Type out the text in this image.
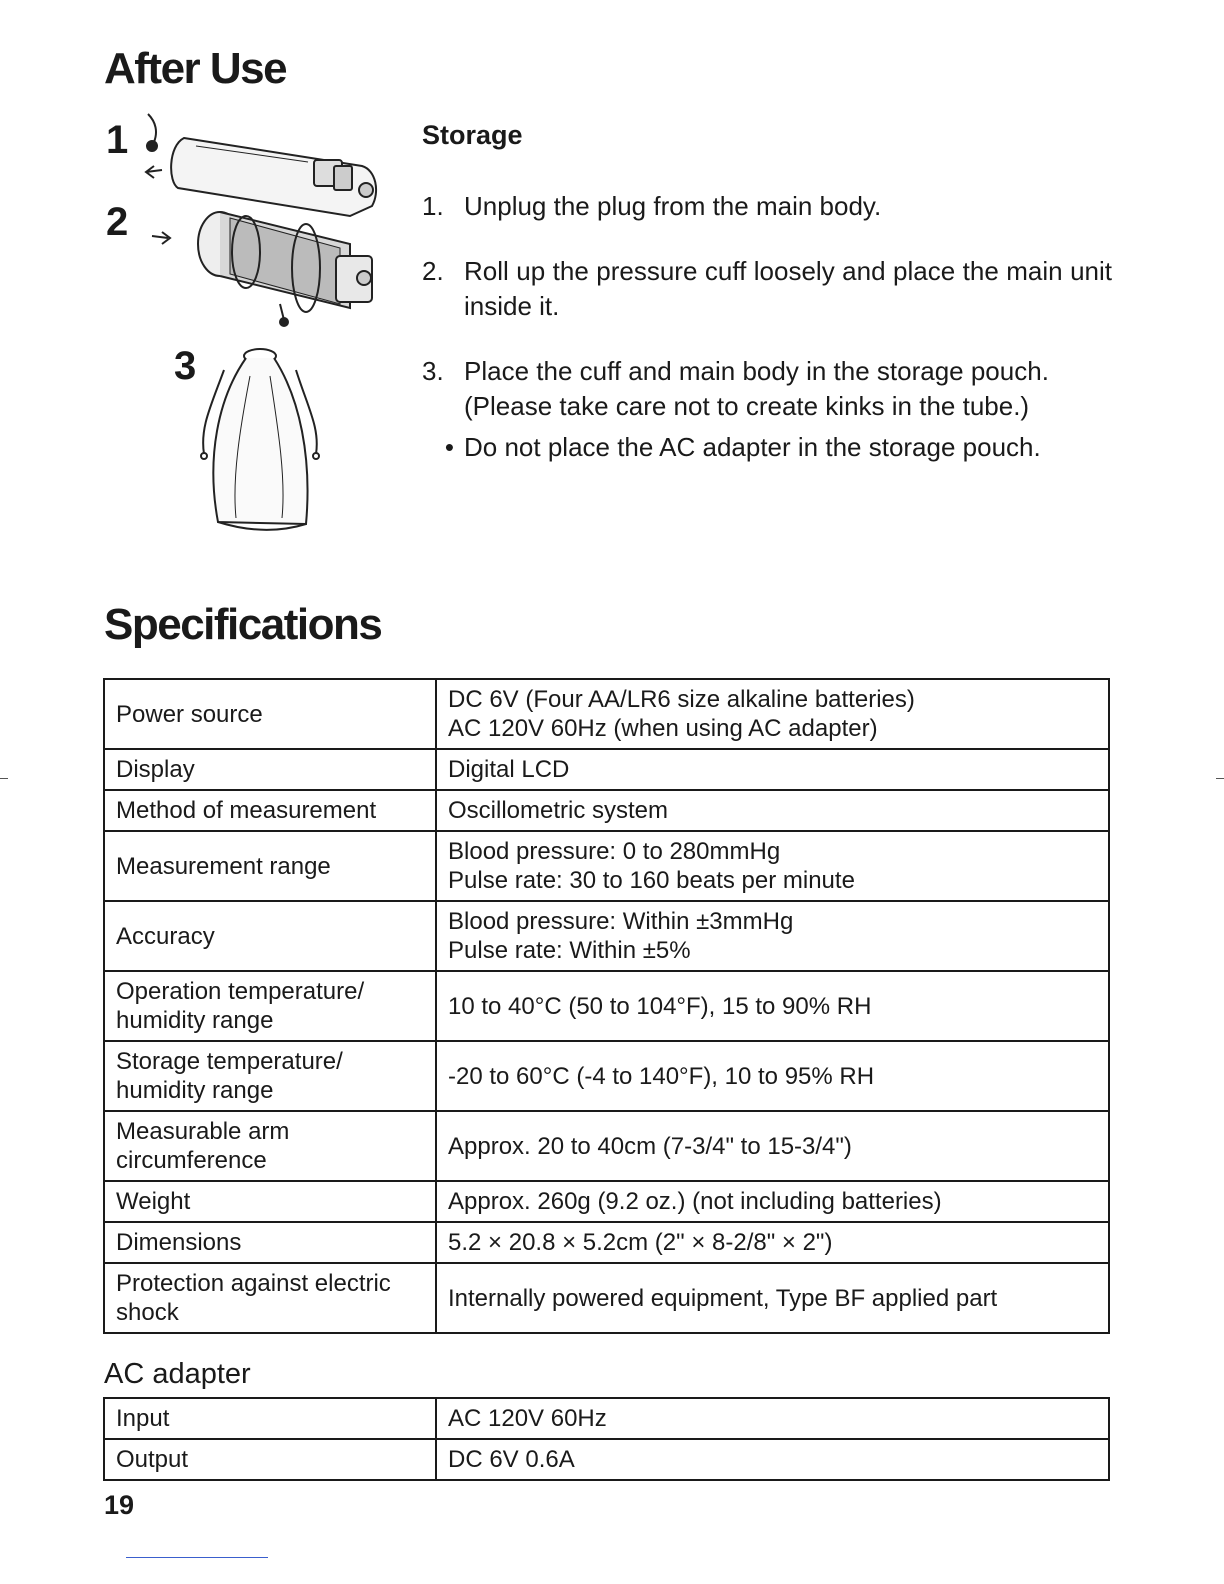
After Use
1
2
3

Storage

1. Unplug the plug from the main body.
2. Roll up the pressure cuff loosely and place the main unit inside it.
3. Place the cuff and main body in the storage pouch.
(Please take care not to create kinks in the tube.)
• Do not place the AC adapter in the storage pouch.
Specifications
Power source	DC 6V (Four AA/LR6 size alkaline batteries)
AC 120V 60Hz (when using AC adapter)

Display	Digital LCD

Method of measurement	Oscillometric system

Measurement range	Blood pressure: 0 to 280mmHg
Pulse rate: 30 to 160 beats per minute

Accuracy	Blood pressure: Within ±3mmHg
Pulse rate: Within ±5%

Operation temperature/ humidity range	10 to 40°C (50 to 104°F), 15 to 90% RH

Storage temperature/ humidity range	-20 to 60°C (-4 to 140°F), 10 to 95% RH

Measurable arm circumference	Approx. 20 to 40cm (7-3/4" to 15-3/4")

Weight	Approx. 260g (9.2 oz.) (not including batteries)

Dimensions	5.2 × 20.8 × 5.2cm (2" × 8-2/8" × 2")

Protection against electric shock	Internally powered equipment, Type BF applied part
AC adapter
Input	AC 120V 60Hz

Output	DC 6V 0.6A
19
